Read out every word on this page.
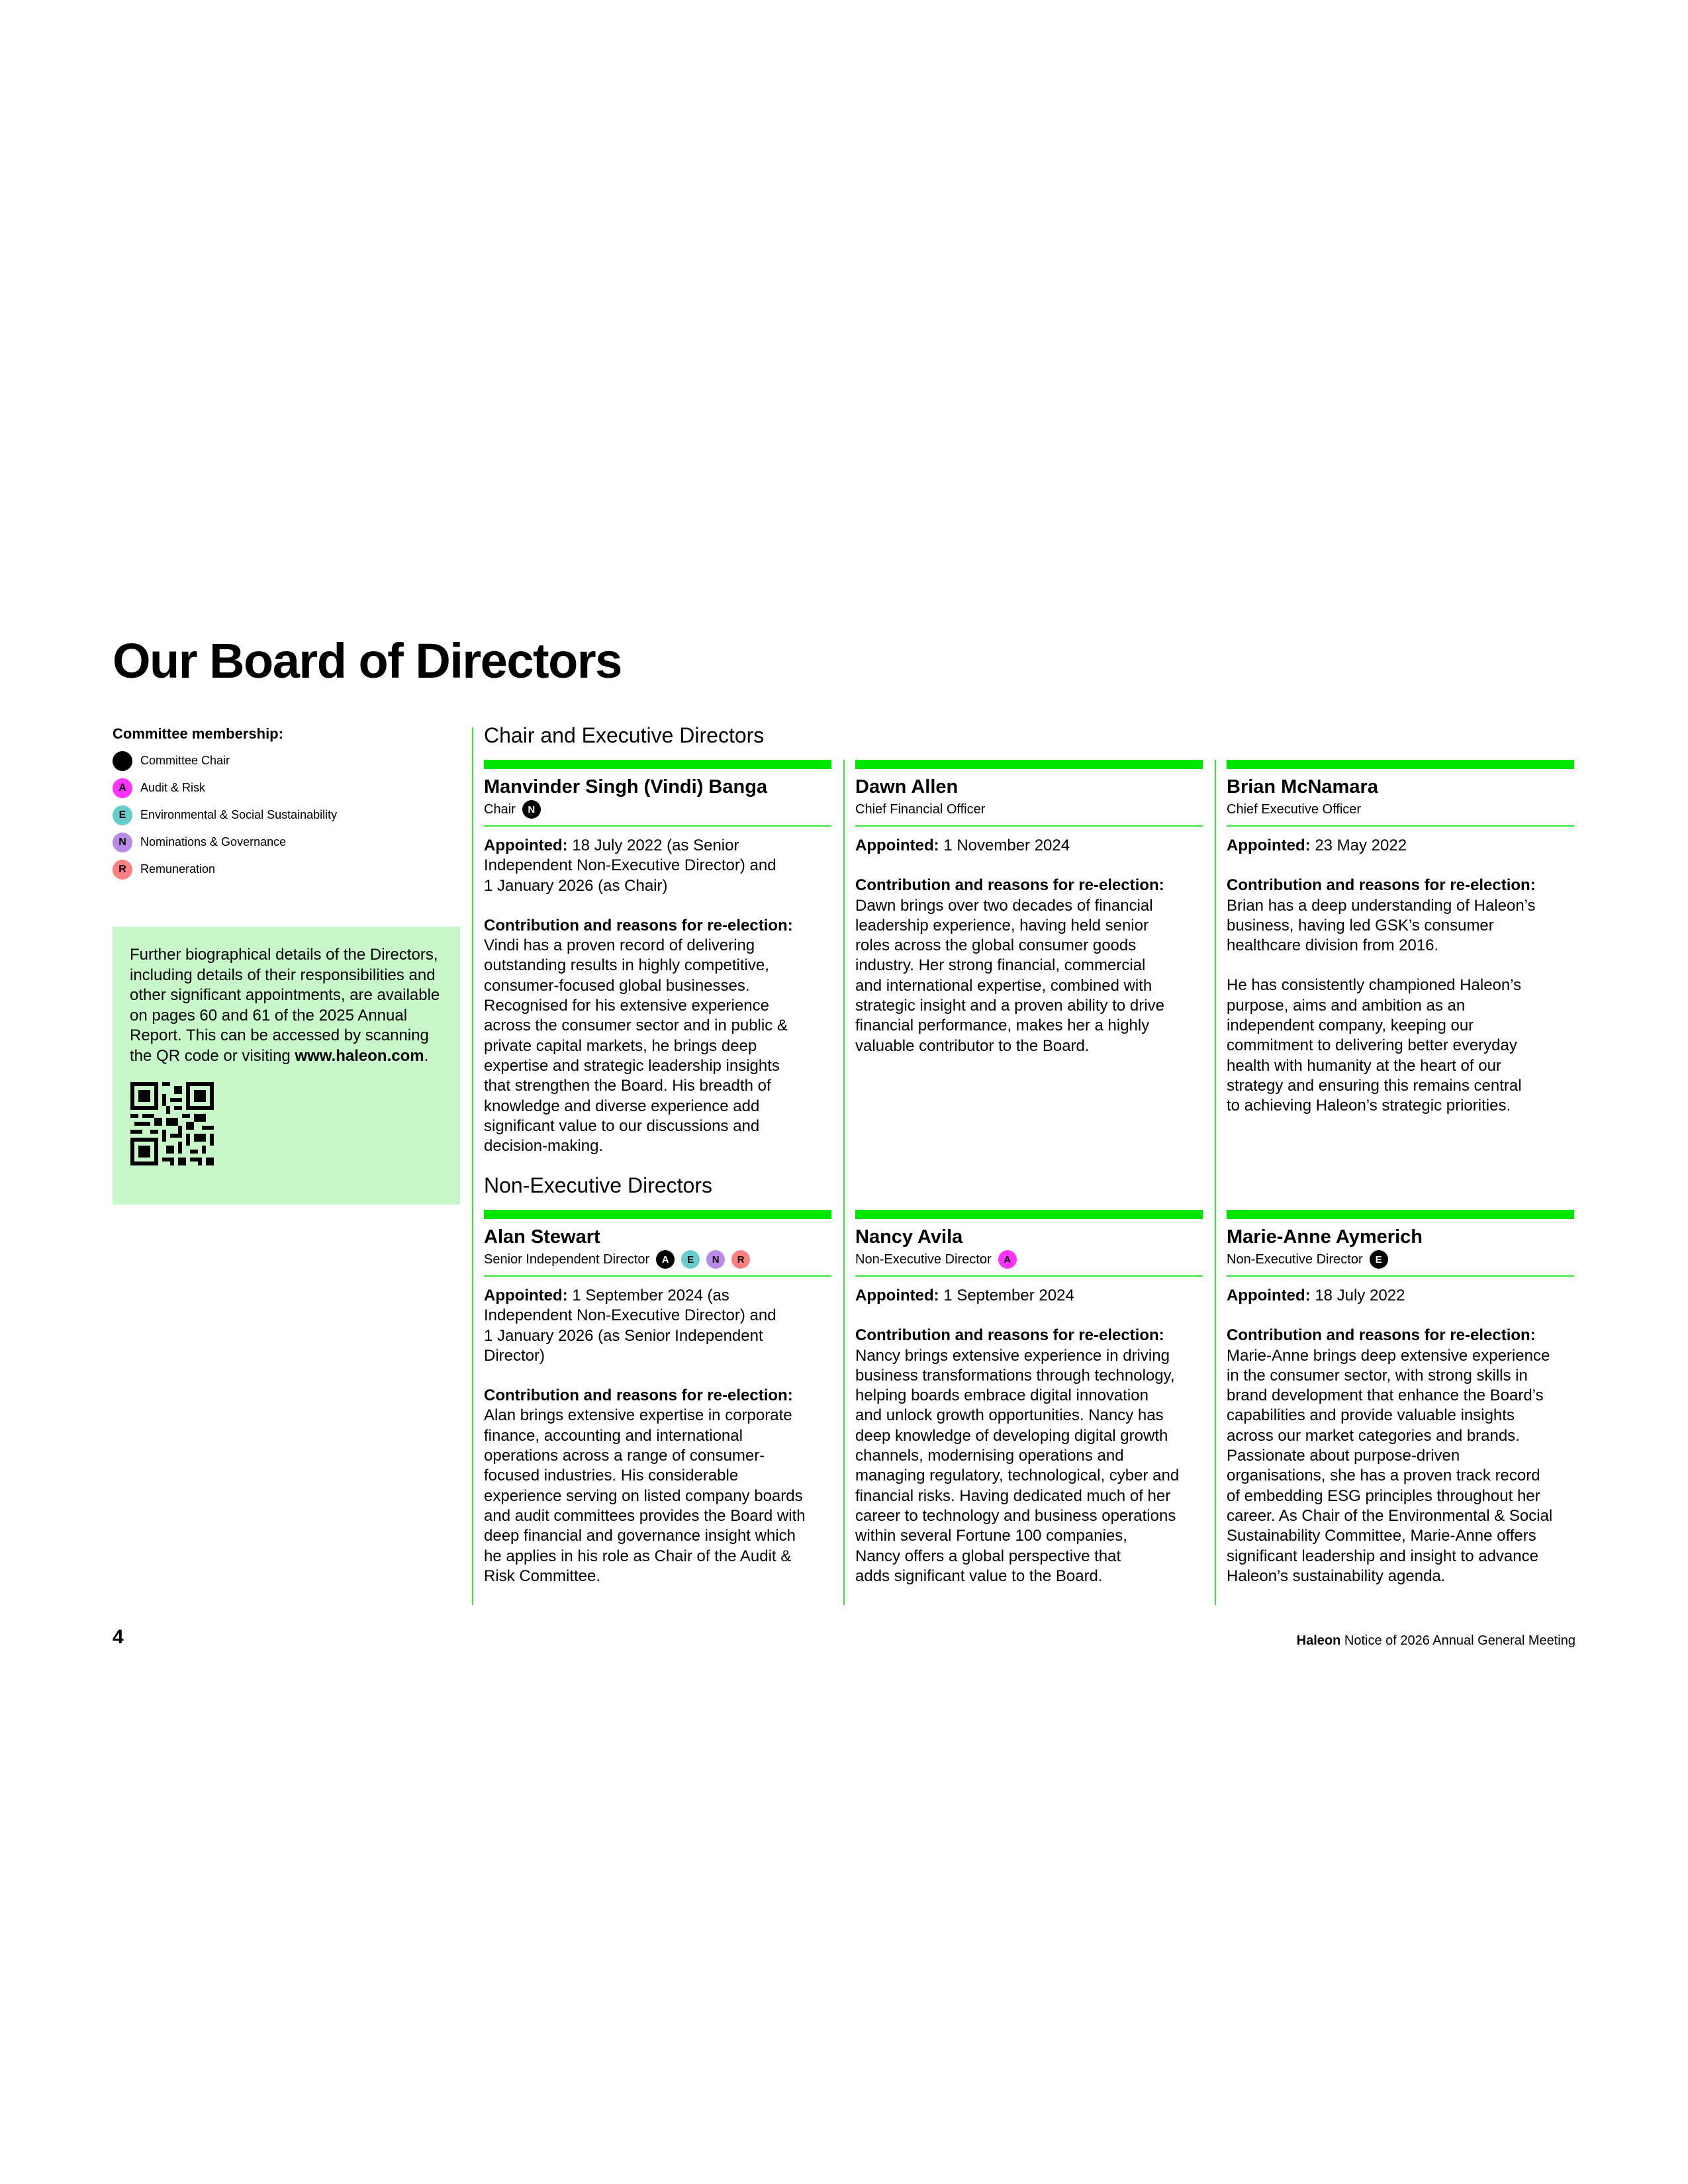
Our Board of Directors
Committee membership:
Committee Chair
A	Audit & Risk
E	Environmental & Social Sustainability
N	Nominations & Governance
R	Remuneration
Further biographical details of the Directors, including details of their responsibilities and other significant appointments, are available on pages 60 and 61 of the 2025 Annual Report. This can be accessed by scanning the QR code or visiting www.haleon.com.
Chair and Executive Directors
Non-Executive Directors
Manvinder Singh (Vindi) Banga
Chair	N
Appointed: 18 July 2022 (as Senior
Independent Non-Executive Director) and
1 January 2026 (as Chair)
Contribution and reasons for re-election:
Vindi has a proven record of delivering
outstanding results in highly competitive,
consumer-focused global businesses.
Recognised for his extensive experience
across the consumer sector and in public &
private capital markets, he brings deep
expertise and strategic leadership insights
that strengthen the Board. His breadth of
knowledge and diverse experience add
significant value to our discussions and
decision-making.
Dawn Allen
Chief Financial Officer
Appointed: 1 November 2024
Contribution and reasons for re-election:
Dawn brings over two decades of financial
leadership experience, having held senior
roles across the global consumer goods
industry. Her strong financial, commercial
and international expertise, combined with
strategic insight and a proven ability to drive
financial performance, makes her a highly
valuable contributor to the Board.
Brian McNamara
Chief Executive Officer
Appointed: 23 May 2022
Contribution and reasons for re-election:
Brian has a deep understanding of Haleon’s
business, having led GSK’s consumer
healthcare division from 2016.
He has consistently championed Haleon’s
purpose, aims and ambition as an
independent company, keeping our
commitment to delivering better everyday
health with humanity at the heart of our
strategy and ensuring this remains central
to achieving Haleon’s strategic priorities.
Alan Stewart
Senior Independent Director	A	E	N	R
Appointed: 1 September 2024 (as
Independent Non-Executive Director) and
1 January 2026 (as Senior Independent
Director)
Contribution and reasons for re-election:
Alan brings extensive expertise in corporate
finance, accounting and international
operations across a range of consumer-
focused industries. His considerable
experience serving on listed company boards
and audit committees provides the Board with
deep financial and governance insight which
he applies in his role as Chair of the Audit &
Risk Committee.
Nancy Avila
Non-Executive Director	A
Appointed: 1 September 2024
Contribution and reasons for re-election:
Nancy brings extensive experience in driving
business transformations through technology,
helping boards embrace digital innovation
and unlock growth opportunities. Nancy has
deep knowledge of developing digital growth
channels, modernising operations and
managing regulatory, technological, cyber and
financial risks. Having dedicated much of her
career to technology and business operations
within several Fortune 100 companies,
Nancy offers a global perspective that
adds significant value to the Board.
Marie-Anne Aymerich
Non-Executive Director	E
Appointed: 18 July 2022
Contribution and reasons for re-election:
Marie-Anne brings deep extensive experience
in the consumer sector, with strong skills in
brand development that enhance the Board’s
capabilities and provide valuable insights
across our market categories and brands.
Passionate about purpose-driven
organisations, she has a proven track record
of embedding ESG principles throughout her
career. As Chair of the Environmental & Social
Sustainability Committee, Marie-Anne offers
significant leadership and insight to advance
Haleon’s sustainability agenda.
4	Haleon Notice of 2026 Annual General Meeting
